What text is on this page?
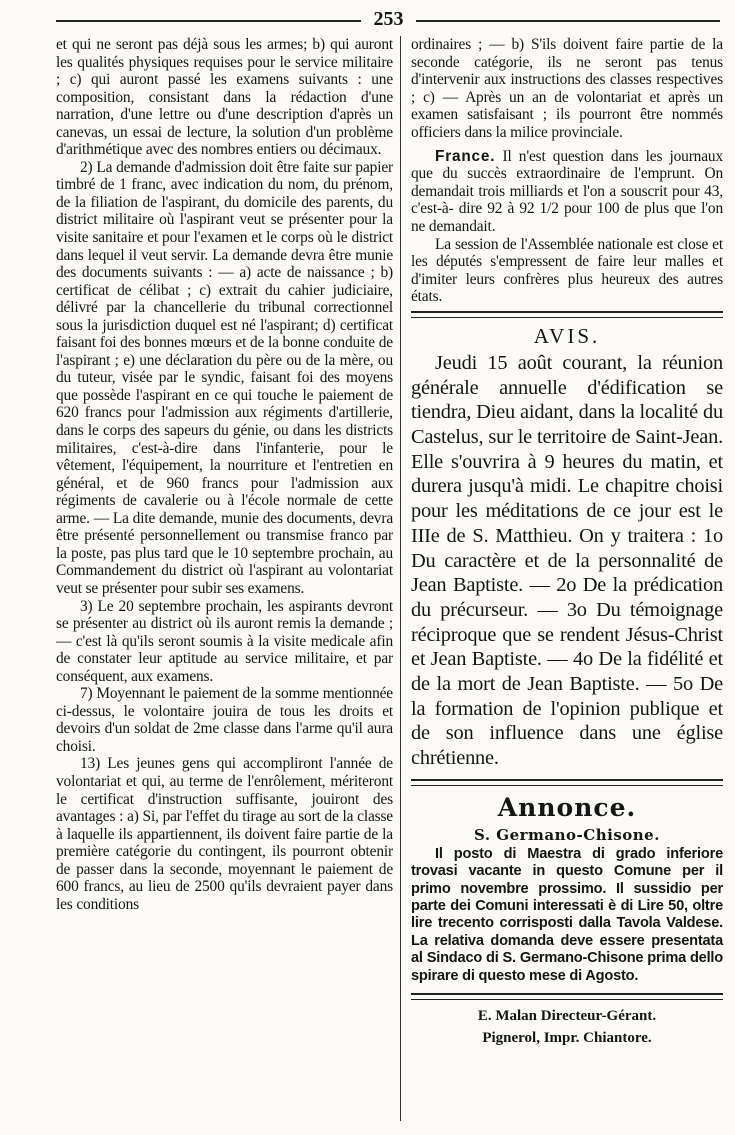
253

et qui ne seront pas déjà sous les armes; b) qui auront les qualités physiques requises pour le service militaire ; c) qui auront passé les examens suivants : une composition, consistant dans la rédaction d'une narration, d'une lettre ou d'une description d'après un canevas, un essai de lecture, la solution d'un problème d'arithmétique avec des nombres entiers ou décimaux.

2) La demande d'admission doit être faite sur papier timbré de 1 franc, avec indication du nom, du prénom, de la filiation de l'aspirant, du domicile des parents, du district militaire où l'aspirant veut se présenter pour la visite sanitaire et pour l'examen et le corps où le district dans lequel il veut servir. La demande devra être munie des documents suivants : — a) acte de naissance ; b) certificat de célibat ; c) extrait du cahier judiciaire, délivré par la chancellerie du tribunal correctionnel sous la jurisdiction duquel est né l'aspirant; d) certificat faisant foi des bonnes mœurs et de la bonne conduite de l'aspirant ; e) une déclaration du père ou de la mère, ou du tuteur, visée par le syndic, faisant foi des moyens que possède l'aspirant en ce qui touche le paiement de 620 francs pour l'admission aux régiments d'artillerie, dans le corps des sapeurs du génie, ou dans les districts militaires, c'est-à-dire dans l'infanterie, pour le vêtement, l'équipement, la nourriture et l'entretien en général, et de 960 francs pour l'admission aux régiments de cavalerie ou à l'école normale de cette arme. — La dite demande, munie des documents, devra être présenté personnellement ou transmise franco par la poste, pas plus tard que le 10 septembre prochain, au Commandement du district où l'aspirant au volontariat veut se présenter pour subir ses examens.

3) Le 20 septembre prochain, les aspirants devront se présenter au district où ils auront remis la demande ; — c'est là qu'ils seront soumis à la visite medicale afin de constater leur aptitude au service militaire, et par conséquent, aux examens.

7) Moyennant le paiement de la somme mentionnée ci-dessus, le volontaire jouira de tous les droits et devoirs d'un soldat de 2me classe dans l'arme qu'il aura choisi.

13) Les jeunes gens qui accompliront l'année de volontariat et qui, au terme de l'enrôlement, mériteront le certificat d'instruction suffisante, jouiront des avantages : a) Si, par l'effet du tirage au sort de la classe à laquelle ils appartiennent, ils doivent faire partie de la première catégorie du contingent, ils pourront obtenir de passer dans la seconde, moyennant le paiement de 600 francs, au lieu de 2500 qu'ils devraient payer dans les conditions

ordinaires ; — b) S'ils doivent faire partie de la seconde catégorie, ils ne seront pas tenus d'intervenir aux instructions des classes respectives ; c) — Après un an de volontariat et après un examen satisfaisant ; ils pourront être nommés officiers dans la milice provinciale.

France. Il n'est question dans les journaux que du succès extraordinaire de l'emprunt. On demandait trois milliards et l'on a souscrit pour 43, c'est-à- dire 92 à 92 1/2 pour 100 de plus que l'on ne demandait.

La session de l'Assemblée nationale est close et les députés s'empressent de faire leur malles et d'imiter leurs confrères plus heureux des autres états.

AVIS.

Jeudi 15 août courant, la réunion générale annuelle d'édification se tiendra, Dieu aidant, dans la localité du Castelus, sur le territoire de Saint-Jean. Elle s'ouvrira à 9 heures du matin, et durera jusqu'à midi. Le chapitre choisi pour les méditations de ce jour est le IIIe de S. Matthieu. On y traitera : 1o Du caractère et de la personnalité de Jean Baptiste. — 2o De la prédication du précurseur. — 3o Du témoignage réciproque que se rendent Jésus-Christ et Jean Baptiste. — 4o De la fidélité et de la mort de Jean Baptiste. — 5o De la formation de l'opinion publique et de son influence dans une église chrétienne.

Annonce.
S. Germano-Chisone.

Il posto di Maestra di grado inferiore trovasi vacante in questo Comune per il primo novembre prossimo. Il sussidio per parte dei Comuni interessati è di Lire 50, oltre lire trecento corrisposti dalla Tavola Valdese. La relativa domanda deve essere presentata al Sindaco di S. Germano-Chisone prima dello spirare di questo mese di Agosto.

E. Malan Directeur-Gérant.
Pignerol, Impr. Chiantore.
